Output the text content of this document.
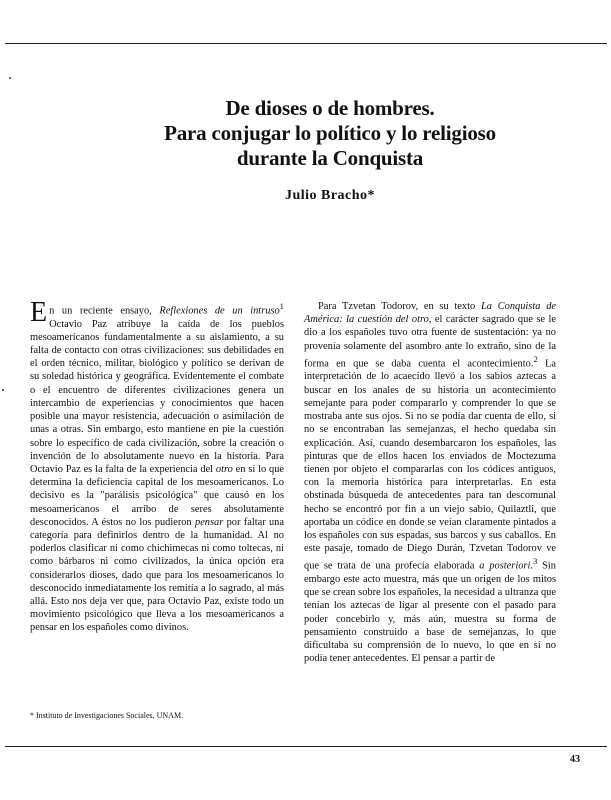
De dioses o de hombres.
Para conjugar lo político y lo religioso
durante la Conquista
Julio Bracho*

En un reciente ensayo, Reflexiones de un intruso$^1$ Octavio Paz atribuye la caída de los pueblos mesoamericanos fundamentalmente a su aislamiento, a su falta de contacto con otras civilizaciones: sus debilidades en el orden técnico, militar, biológico y político se derivan de su soledad histórica y geográfica. Evidentemente el combate o el encuentro de diferentes civilizaciones genera un intercambio de experiencias y conocimientos que hacen posible una mayor resistencia, adecuación o asimilación de unas a otras. Sin embargo, esto mantiene en pie la cuestión sobre lo específico de cada civilización, sobre la creación o invención de lo absolutamente nuevo en la historia. Para Octavio Paz es la falta de la experiencia del otro en sí lo que determina la deficiencia capital de los mesoamericanos. Lo decisivo es la "parálisis psicológica" que causó en los mesoamericanos el arribo de seres absolutamente desconocidos. A éstos no los pudieron pensar por faltar una categoría para definirlos dentro de la humanidad. Al no poderlos clasificar ni como chichimecas ni como toltecas, ni como bárbaros ni como civilizados, la única opción era considerarlos dioses, dado que para los mesoamericanos lo desconocido inmediatamente los remitía a lo sagrado, al más allá. Esto nos deja ver que, para Octavio Paz, existe todo un movimiento psicológico que lleva a los mesoamericanos a pensar en los españoles como divinos.

Para Tzvetan Todorov, en su texto La Conquista de América: la cuestión del otro, el carácter sagrado que se le dio a los españoles tuvo otra fuente de sustentación: ya no provenía solamente del asombro ante lo extraño, sino de la forma en que se daba cuenta el acontecimiento.$^2$ La interpretación de lo acaecido llevó a los sabios aztecas a buscar en los anales de su historia un acontecimiento semejante para poder compararlo y comprender lo que se mostraba ante sus ojos. Si no se podía dar cuenta de ello, si no se encontraban las semejanzas, el hecho quedaba sin explicación. Así, cuando desembarcaron los españoles, las pinturas que de ellos hacen los enviados de Moctezuma tienen por objeto el compararlas con los códices antiguos, con la memoria histórica para interpretarlas. En esta obstinada búsqueda de antecedentes para tan descomunal hecho se encontró por fin a un viejo sabio, Quilaztli, que aportaba un códice en donde se veían claramente pintados a los españoles con sus espadas, sus barcos y sus caballos. En este pasaje, tomado de Diego Durán, Tzvetan Todorov ve que se trata de una profecía elaborada a posteriori.$^3$ Sin embargo este acto muestra, más que un origen de los mitos que se crean sobre los españoles, la necesidad a ultranza que tenían los aztecas de ligar al presente con el pasado para poder concebirlo y, más aún, muestra su forma de pensamiento construido a base de semejanzas, lo que dificultaba su comprensión de lo nuevo, lo que en sí no podía tener antecedentes. El pensar a partir de

* Instituto de Investigaciones Sociales, UNAM.
43
